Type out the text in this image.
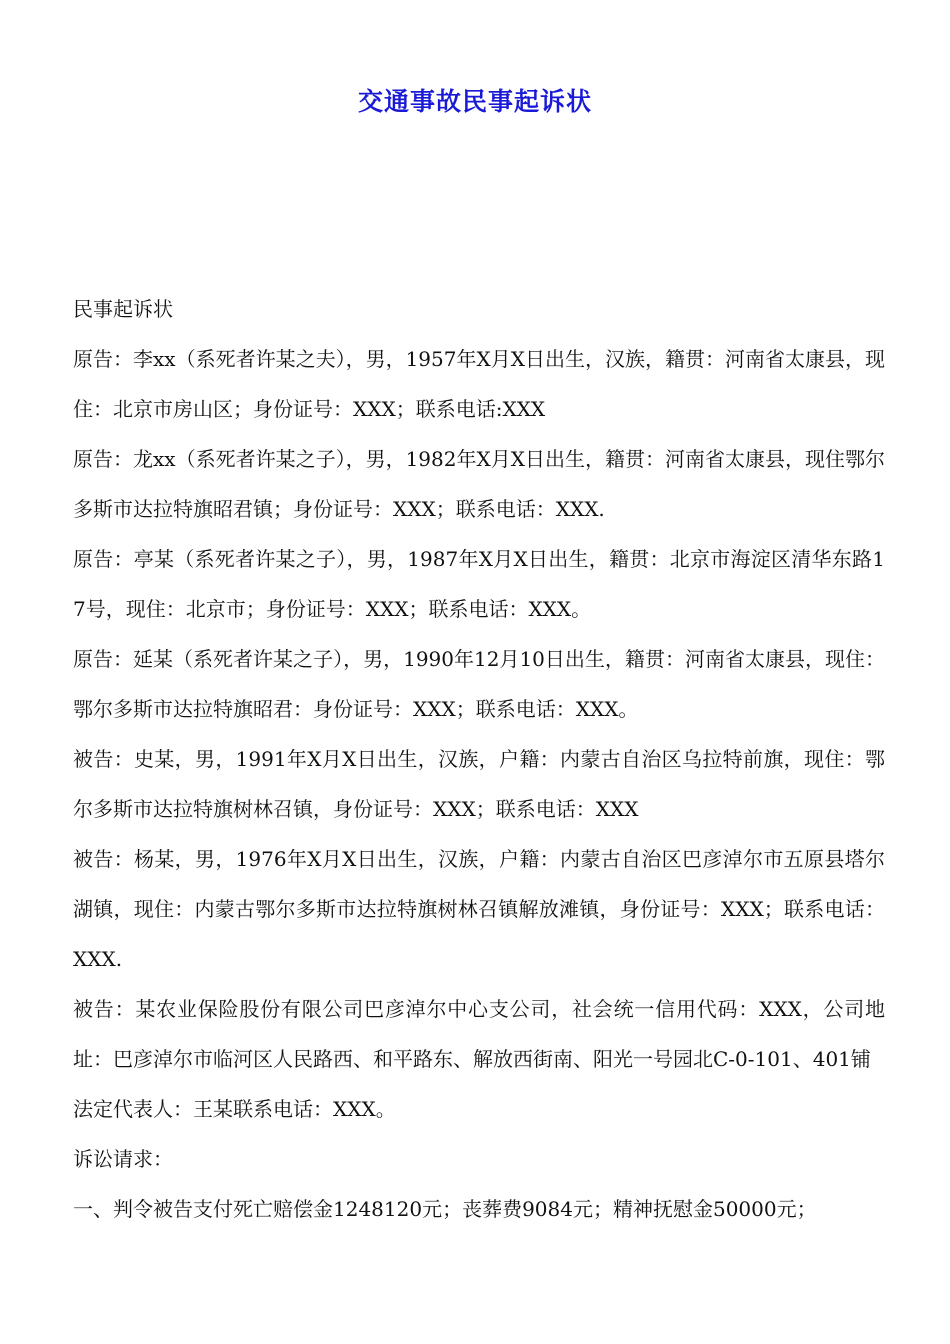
交通事故民事起诉状

民事起诉状

原告：李xx（系死者许某之夫），男，1957年X月X日出生，汉族，籍贯：河南省太康县，现住：北京市房山区；身份证号：XXX；联系电话:XXX

原告：龙xx（系死者许某之子），男，1982年X月X日出生，籍贯：河南省太康县，现住鄂尔多斯市达拉特旗昭君镇；身份证号：XXX；联系电话：XXX.

原告：亭某（系死者许某之子），男，1987年X月X日出生，籍贯：北京市海淀区清华东路17号，现住：北京市；身份证号：XXX；联系电话：XXX。

原告：延某（系死者许某之子），男，1990年12月10日出生，籍贯：河南省太康县，现住：鄂尔多斯市达拉特旗昭君：身份证号：XXX；联系电话：XXX。

被告：史某，男，1991年X月X日出生，汉族，户籍：内蒙古自治区乌拉特前旗，现住：鄂尔多斯市达拉特旗树林召镇，身份证号：XXX；联系电话：XXX

被告：杨某，男，1976年X月X日出生，汉族，户籍：内蒙古自治区巴彦淖尔市五原县塔尔湖镇，现住：内蒙古鄂尔多斯市达拉特旗树林召镇解放滩镇，身份证号：XXX；联系电话：XXX.

被告：某农业保险股份有限公司巴彦淖尔中心支公司，社会统一信用代码：XXX，公司地址：巴彦淖尔市临河区人民路西、和平路东、解放西街南、阳光一号园北C-0-101、401铺

法定代表人：王某联系电话：XXX。

诉讼请求：

一、判令被告支付死亡赔偿金1248120元；丧葬费9084元；精神抚慰金50000元；
